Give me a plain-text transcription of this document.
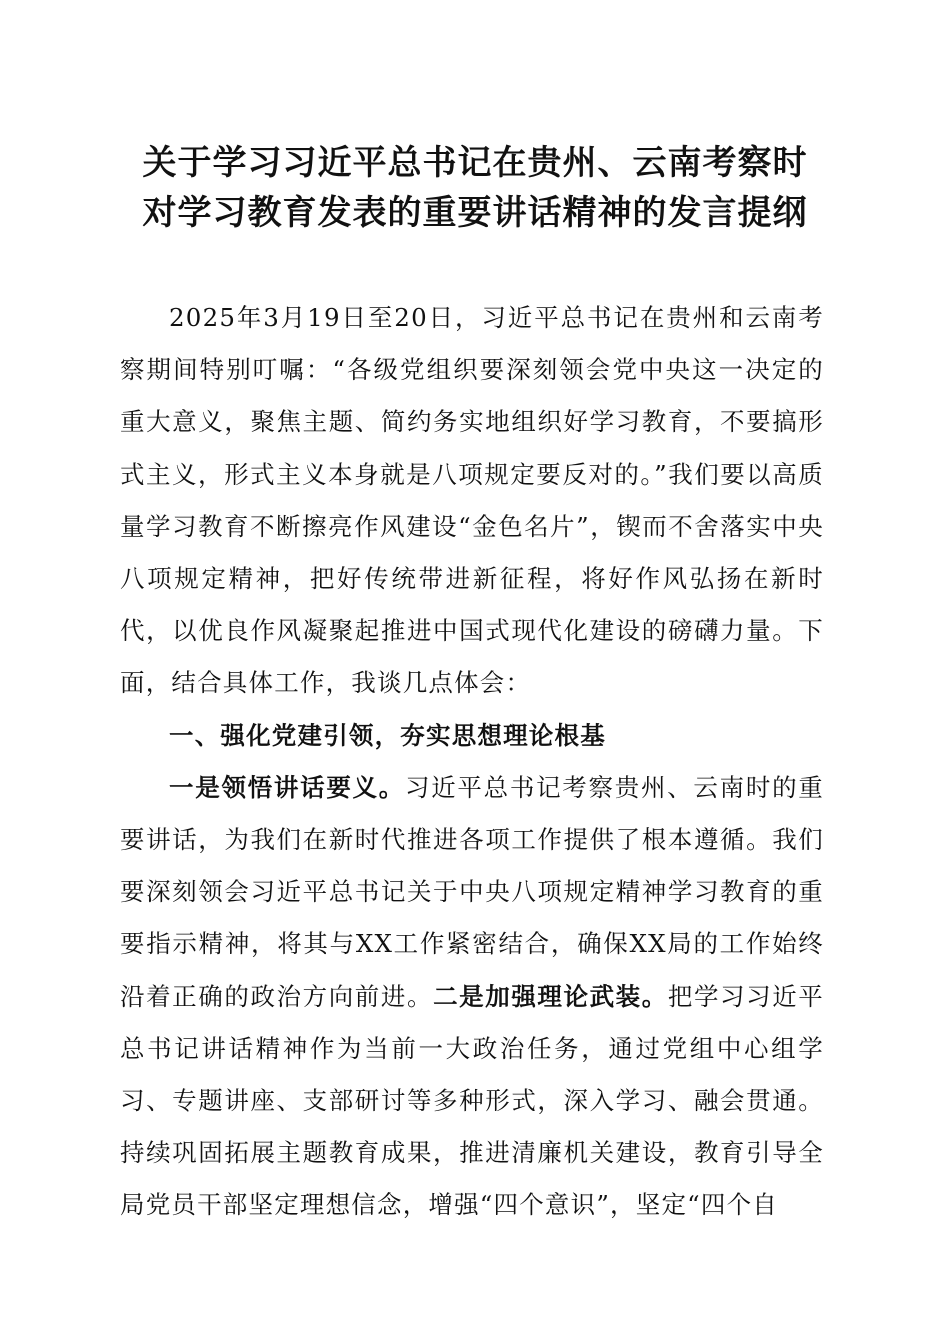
关于学习习近平总书记在贵州、云南考察时
对学习教育发表的重要讲话精神的发言提纲

2025年3月19日至20日，习近平总书记在贵州和云南考察期间特别叮嘱：“各级党组织要深刻领会党中央这一决定的重大意义，聚焦主题、简约务实地组织好学习教育，不要搞形式主义，形式主义本身就是八项规定要反对的。”我们要以高质量学习教育不断擦亮作风建设“金色名片”，锲而不舍落实中央八项规定精神，把好传统带进新征程，将好作风弘扬在新时代，以优良作风凝聚起推进中国式现代化建设的磅礴力量。下面，结合具体工作，我谈几点体会：

一、强化党建引领，夯实思想理论根基

一是领悟讲话要义。习近平总书记考察贵州、云南时的重要讲话，为我们在新时代推进各项工作提供了根本遵循。我们要深刻领会习近平总书记关于中央八项规定精神学习教育的重要指示精神，将其与XX工作紧密结合，确保XX局的工作始终沿着正确的政治方向前进。二是加强理论武装。把学习习近平总书记讲话精神作为当前一大政治任务，通过党组中心组学习、专题讲座、支部研讨等多种形式，深入学习、融会贯通。持续巩固拓展主题教育成果，推进清廉机关建设，教育引导全局党员干部坚定理想信念，增强“四个意识”，坚定“四个自
